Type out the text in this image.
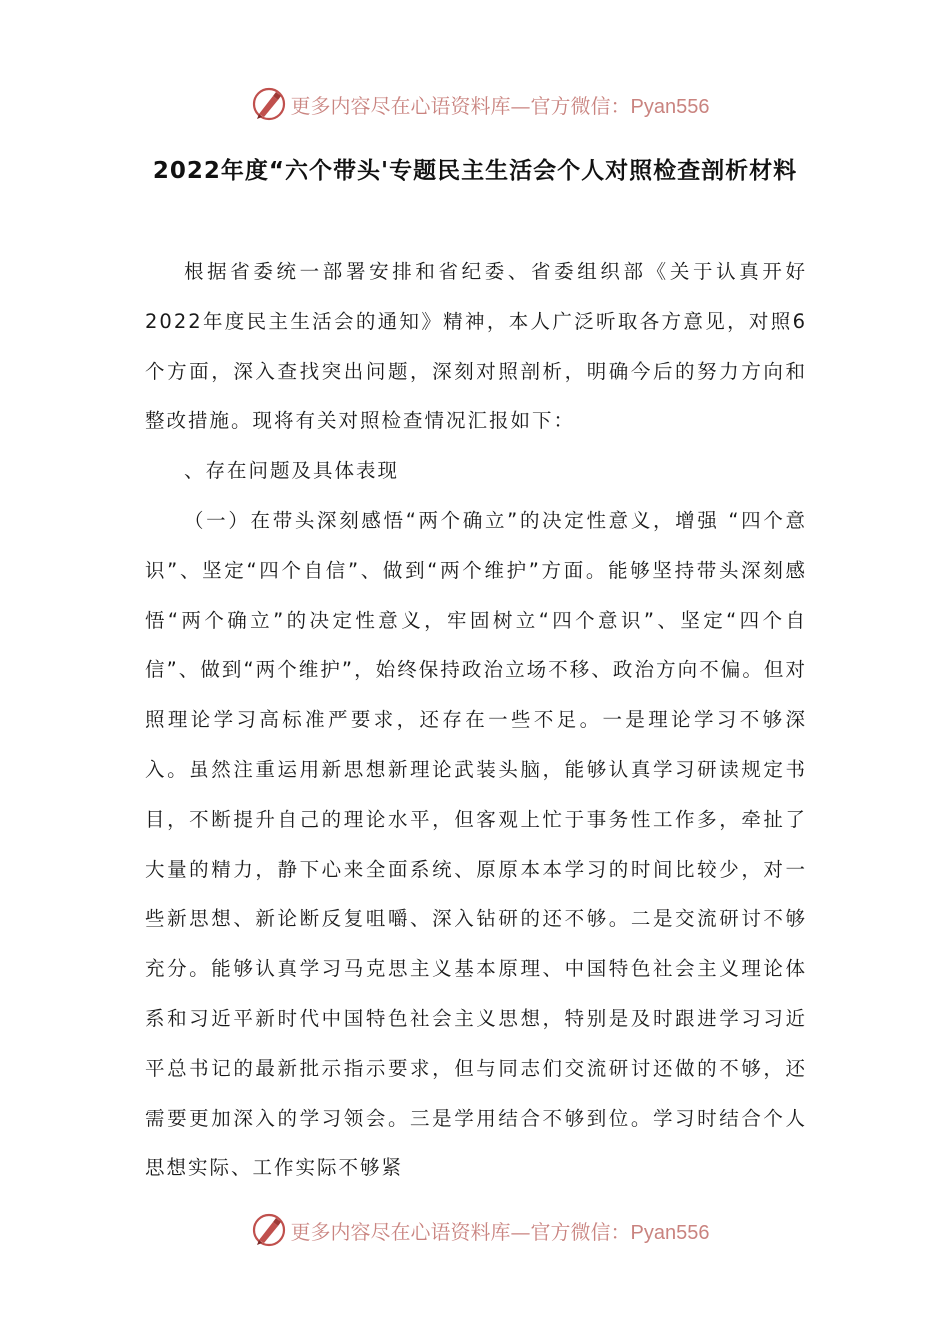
更多内容尽在心语资料库—官方微信：Pyan556
2022年度“六个带头'专题民主生活会个人对照检查剖析材料

根据省委统一部署安排和省纪委、省委组织部《关于认真开好2022年度民主生活会的通知》精神，本人广泛听取各方意见，对照6个方面，深入查找突出问题，深刻对照剖析，明确今后的努力方向和整改措施。现将有关对照检查情况汇报如下：

、存在问题及具体表现

（一）在带头深刻感悟“两个确立”的决定性意义，增强 “四个意识”、坚定“四个自信”、做到“两个维护”方面。能够坚持带头深刻感悟“两个确立”的决定性意义，牢固树立“四个意识”、坚定“四个自信”、做到“两个维护”，始终保持政治立场不移、政治方向不偏。但对照理论学习高标准严要求，还存在一些不足。一是理论学习不够深入。虽然注重运用新思想新理论武装头脑，能够认真学习研读规定书目，不断提升自己的理论水平，但客观上忙于事务性工作多，牵扯了大量的精力，静下心来全面系统、原原本本学习的时间比较少，对一些新思想、新论断反复咀嚼、深入钻研的还不够。二是交流研讨不够充分。能够认真学习马克思主义基本原理、中国特色社会主义理论体系和习近平新时代中国特色社会主义思想，特别是及时跟进学习习近平总书记的最新批示指示要求，但与同志们交流研讨还做的不够，还需要更加深入的学习领会。三是学用结合不够到位。学习时结合个人思想实际、工作实际不够紧

更多内容尽在心语资料库—官方微信：Pyan556
